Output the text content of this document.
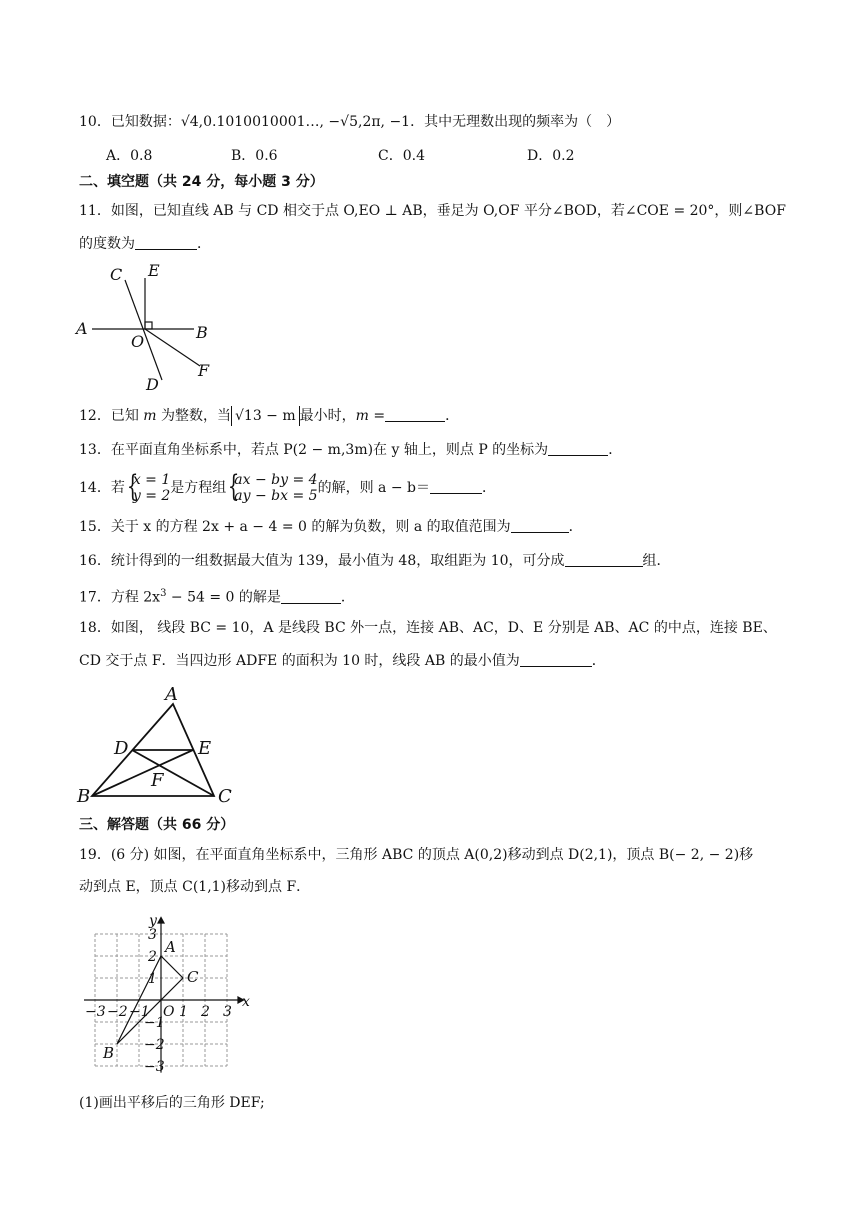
10．已知数据：√4,0.1010010001…, −√5,2π, −1．其中无理数出现的频率为（　）
A．0.8	B．0.6	C．0.4	D．0.2
二、填空题（共 24 分，每小题 3 分）
11．如图，已知直线 AB 与 CD 相交于点 O,EO ⊥ AB，垂足为 O,OF 平分∠BOD，若∠COE = 20°，则∠BOF
的度数为	．
A	B
C E
O
F
D
12．已知 m 为整数，当 √13 − m 最小时，m =	．
13．在平面直角坐标系中，若点 P(2 − m,3m)在 y 轴上，则点 P 的坐标为	．
14．若 {
x = 1
y = 2 是方程组 {
ax − by = 4
ay − bx = 5 的解，则 a − b＝	．
15．关于 x 的方程 2x + a − 4 = 0 的解为负数，则 a 的取值范围为	．
16．统计得到的一组数据最大值为 139，最小值为 48，取组距为 10，可分成	组．
17．方程 $2x^3 - 54 = 0$ 的解是	．
18．如图， 线段 BC = 10，A 是线段 BC 外一点，连接 AB、AC，D、E 分别是 AB、AC 的中点，连接 BE、
CD 交于点 F．当四边形 ADFE 的面积为 10 时，线段 AB 的最小值为	．
A
D	E
F
B	C
三、解答题（共 66 分）
19．(6 分) 如图，在平面直角坐标系中，三角形 ABC 的顶点 A(0,2)移动到点 D(2,1)，顶点 B(− 2, − 2)移
动到点 E，顶点 C(1,1)移动到点 F．
−3 −2 −1 O 1 2 3
x
3
2
1
−1
−2
−3
y
A
B
C
(1)画出平移后的三角形 DEF;
